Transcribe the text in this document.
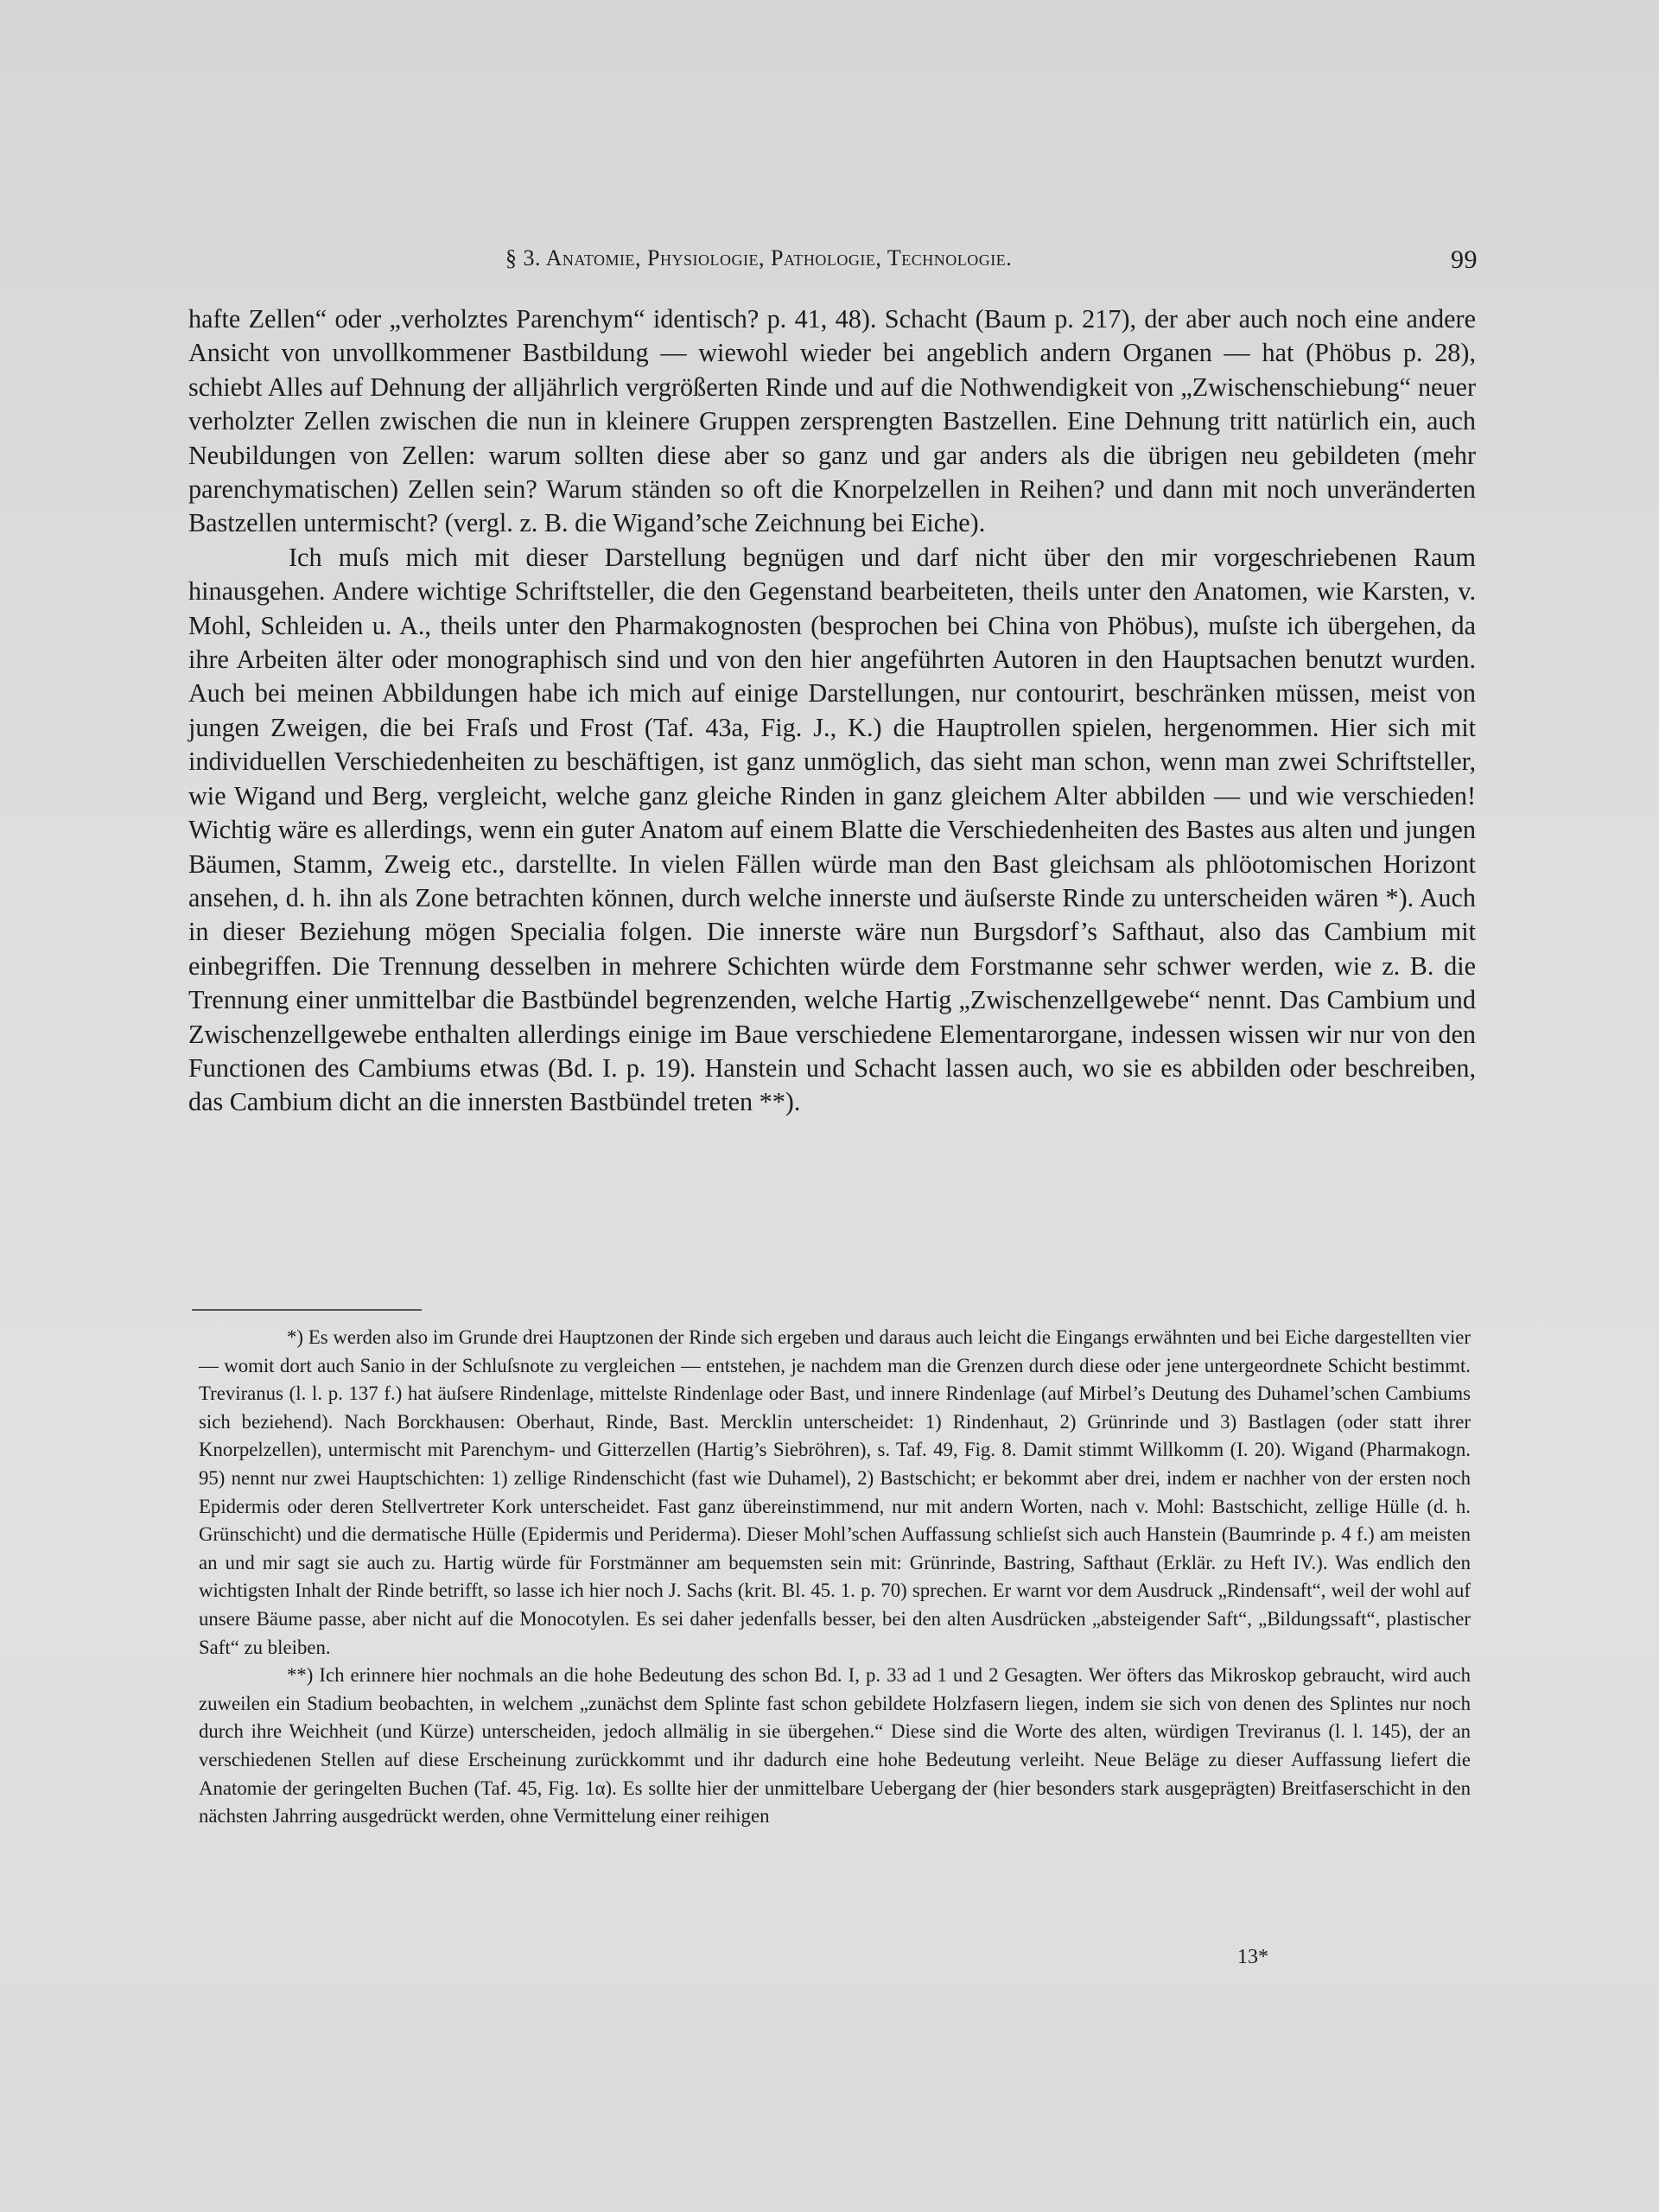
§ 3. Anatomie, Physiologie, Pathologie, Technologie.	99

hafte Zellen“ oder „verholztes Parenchym“ identisch? p. 41, 48). Schacht (Baum p. 217), der aber auch noch eine andere Ansicht von unvollkommener Bastbildung — wiewohl wieder bei angeblich andern Organen — hat (Phöbus p. 28), schiebt Alles auf Dehnung der alljährlich vergrößerten Rinde und auf die Nothwendigkeit von „Zwischenschiebung“ neuer verholzter Zellen zwischen die nun in kleinere Gruppen zersprengten Bastzellen. Eine Dehnung tritt natürlich ein, auch Neubildungen von Zellen: warum sollten diese aber so ganz und gar anders als die übrigen neu gebildeten (mehr parenchymatischen) Zellen sein? Warum ständen so oft die Knorpelzellen in Reihen? und dann mit noch unveränderten Bastzellen untermischt? (vergl. z. B. die Wigand’sche Zeichnung bei Eiche).

Ich muſs mich mit dieser Darstellung begnügen und darf nicht über den mir vorgeschriebenen Raum hinausgehen. Andere wichtige Schriftsteller, die den Gegenstand bearbeiteten, theils unter den Anatomen, wie Karsten, v. Mohl, Schleiden u. A., theils unter den Pharmakognosten (besprochen bei China von Phöbus), muſste ich übergehen, da ihre Arbeiten älter oder monographisch sind und von den hier angeführten Autoren in den Hauptsachen benutzt wurden. Auch bei meinen Abbildungen habe ich mich auf einige Darstellungen, nur contourirt, beschränken müssen, meist von jungen Zweigen, die bei Fraſs und Frost (Taf. 43a, Fig. J., K.) die Hauptrollen spielen, hergenommen. Hier sich mit individuellen Verschiedenheiten zu beschäftigen, ist ganz unmöglich, das sieht man schon, wenn man zwei Schriftsteller, wie Wigand und Berg, vergleicht, welche ganz gleiche Rinden in ganz gleichem Alter abbilden — und wie verschieden! Wichtig wäre es allerdings, wenn ein guter Anatom auf einem Blatte die Verschiedenheiten des Bastes aus alten und jungen Bäumen, Stamm, Zweig etc., darstellte. In vielen Fällen würde man den Bast gleichsam als phlöotomischen Horizont ansehen, d. h. ihn als Zone betrachten können, durch welche innerste und äuſserste Rinde zu unterscheiden wären *). Auch in dieser Beziehung mögen Specialia folgen. Die innerste wäre nun Burgsdorf’s Safthaut, also das Cambium mit einbegriffen. Die Trennung desselben in mehrere Schichten würde dem Forstmanne sehr schwer werden, wie z. B. die Trennung einer unmittelbar die Bastbündel begrenzenden, welche Hartig „Zwischenzellgewebe“ nennt. Das Cambium und Zwischenzellgewebe enthalten allerdings einige im Baue verschiedene Elementarorgane, indessen wissen wir nur von den Functionen des Cambiums etwas (Bd. I. p. 19). Hanstein und Schacht lassen auch, wo sie es abbilden oder beschreiben, das Cambium dicht an die innersten Bastbündel treten **).

*) Es werden also im Grunde drei Hauptzonen der Rinde sich ergeben und daraus auch leicht die Eingangs erwähnten und bei Eiche dargestellten vier — womit dort auch Sanio in der Schluſsnote zu vergleichen — entstehen, je nachdem man die Grenzen durch diese oder jene untergeordnete Schicht bestimmt. Treviranus (l. l. p. 137 f.) hat äuſsere Rindenlage, mittelste Rindenlage oder Bast, und innere Rindenlage (auf Mirbel’s Deutung des Duhamel’schen Cambiums sich beziehend). Nach Borckhausen: Oberhaut, Rinde, Bast. Mercklin unterscheidet: 1) Rindenhaut, 2) Grünrinde und 3) Bastlagen (oder statt ihrer Knorpelzellen), untermischt mit Parenchym- und Gitterzellen (Hartig’s Siebröhren), s. Taf. 49, Fig. 8. Damit stimmt Willkomm (I. 20). Wigand (Pharmakogn. 95) nennt nur zwei Hauptschichten: 1) zellige Rindenschicht (fast wie Duhamel), 2) Bastschicht; er bekommt aber drei, indem er nachher von der ersten noch Epidermis oder deren Stellvertreter Kork unterscheidet. Fast ganz übereinstimmend, nur mit andern Worten, nach v. Mohl: Bastschicht, zellige Hülle (d. h. Grünschicht) und die dermatische Hülle (Epidermis und Periderma). Dieser Mohl’schen Auffassung schlieſst sich auch Hanstein (Baumrinde p. 4 f.) am meisten an und mir sagt sie auch zu. Hartig würde für Forstmänner am bequemsten sein mit: Grünrinde, Bastring, Safthaut (Erklär. zu Heft IV.). Was endlich den wichtigsten Inhalt der Rinde betrifft, so lasse ich hier noch J. Sachs (krit. Bl. 45. 1. p. 70) sprechen. Er warnt vor dem Ausdruck „Rindensaft“, weil der wohl auf unsere Bäume passe, aber nicht auf die Monocotylen. Es sei daher jedenfalls besser, bei den alten Ausdrücken „absteigender Saft“, „Bildungssaft“, plastischer Saft“ zu bleiben.

**) Ich erinnere hier nochmals an die hohe Bedeutung des schon Bd. I, p. 33 ad 1 und 2 Gesagten. Wer öfters das Mikroskop gebraucht, wird auch zuweilen ein Stadium beobachten, in welchem „zunächst dem Splinte fast schon gebildete Holzfasern liegen, indem sie sich von denen des Splintes nur noch durch ihre Weichheit (und Kürze) unterscheiden, jedoch allmälig in sie übergehen.“ Diese sind die Worte des alten, würdigen Treviranus (l. l. 145), der an verschiedenen Stellen auf diese Erscheinung zurückkommt und ihr dadurch eine hohe Bedeutung verleiht. Neue Beläge zu dieser Auffassung liefert die Anatomie der geringelten Buchen (Taf. 45, Fig. 1α). Es sollte hier der unmittelbare Uebergang der (hier besonders stark ausgeprägten) Breitfaserschicht in den nächsten Jahrring ausgedrückt werden, ohne Vermittelung einer reihigen

13*
